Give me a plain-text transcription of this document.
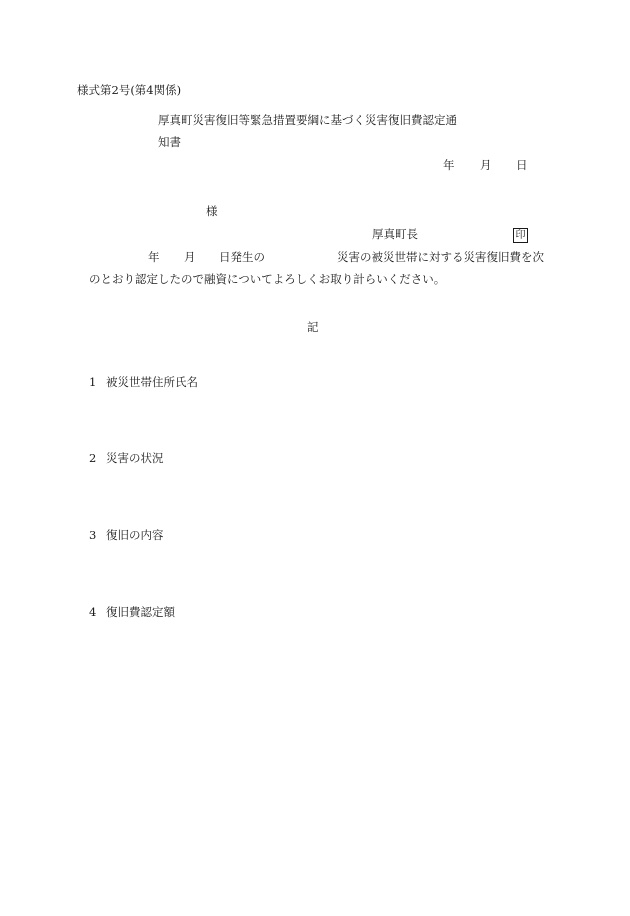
様式第2号(第4関係)
厚真町災害復旧等緊急措置要綱に基づく災害復旧費認定通
知書
年 月 日
様
厚真町長	印
年 月 日発生の	災害の被災世帯に対する災害復旧費を次
のとおり認定したので融資についてよろしくお取り計らいください。
記
1 被災世帯住所氏名
2 災害の状況
3 復旧の内容
4 復旧費認定額
